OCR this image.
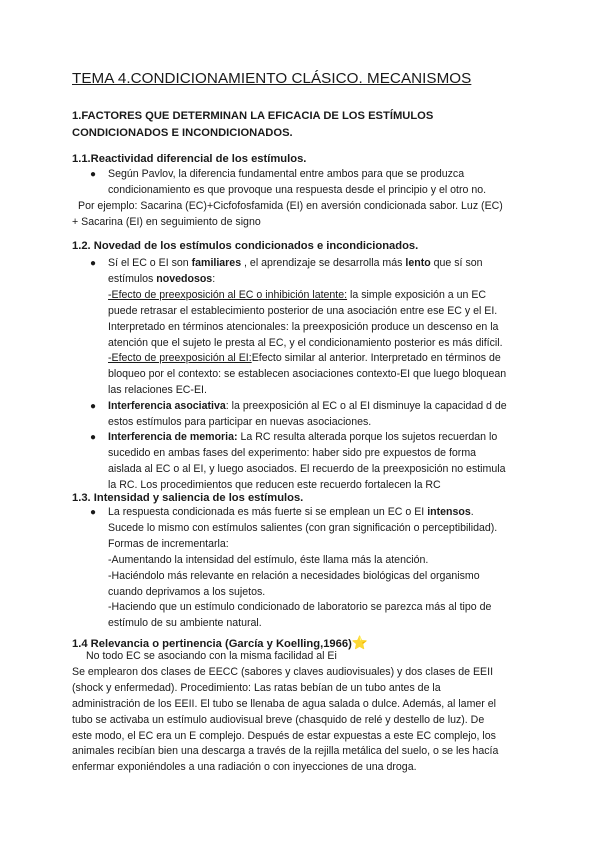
TEMA 4.CONDICIONAMIENTO CLÁSICO. MECANISMOS
1.FACTORES QUE DETERMINAN LA EFICACIA DE LOS ESTÍMULOS
CONDICIONADOS E INCONDICIONADOS.
1.1.Reactividad diferencial de los estímulos.
● Según Pavlov, la diferencia fundamental entre ambos para que se produzca
condicionamiento es que provoque una respuesta desde el principio y el otro no.
Por ejemplo: Sacarina (EC)+Cicfofosfamida (EI) en aversión condicionada sabor. Luz (EC)
+ Sacarina (EI) en seguimiento de signo
1.2. Novedad de los estímulos condicionados e incondicionados.
● Sí el EC o EI son familiares , el aprendizaje se desarrolla más lento que sí son
estímulos novedosos:
-Efecto de preexposición al EC o inhibición latente: la simple exposición a un EC
puede retrasar el establecimiento posterior de una asociación entre ese EC y el EI.
Interpretado en términos atencionales: la preexposición produce un descenso en la
atención que el sujeto le presta al EC, y el condicionamiento posterior es más difícil.
-Efecto de preexposición al EI:Efecto similar al anterior. Interpretado en términos de
bloqueo por el contexto: se establecen asociaciones contexto-EI que luego bloquean
las relaciones EC-EI.
● Interferencia asociativa: la preexposición al EC o al EI disminuye la capacidad d de
estos estímulos para participar en nuevas asociaciones.
● Interferencia de memoria: La RC resulta alterada porque los sujetos recuerdan lo
sucedido en ambas fases del experimento: haber sido pre expuestos de forma
aislada al EC o al EI, y luego asociados. El recuerdo de la preexposición no estimula
la RC. Los procedimientos que reducen este recuerdo fortalecen la RC
1.3. Intensidad y saliencia de los estímulos.
● La respuesta condicionada es más fuerte si se emplean un EC o EI intensos.
Sucede lo mismo con estímulos salientes (con gran significación o perceptibilidad).
Formas de incrementarla:
-Aumentando la intensidad del estímulo, éste llama más la atención.
-Haciéndolo más relevante en relación a necesidades biológicas del organismo
cuando deprivamos a los sujetos.
-Haciendo que un estímulo condicionado de laboratorio se parezca más al tipo de
estímulo de su ambiente natural.
1.4 Relevancia o pertinencia (García y Koelling,1966)⭐
No todo EC se asociando con la misma facilidad al Ei
Se emplearon dos clases de EECC (sabores y claves audiovisuales) y dos clases de EEII
(shock y enfermedad). Procedimiento: Las ratas bebían de un tubo antes de la
administración de los EEII. El tubo se llenaba de agua salada o dulce. Además, al lamer el
tubo se activaba un estímulo audiovisual breve (chasquido de relé y destello de luz). De
este modo, el EC era un E complejo. Después de estar expuestas a este EC complejo, los
animales recibían bien una descarga a través de la rejilla metálica del suelo, o se les hacía
enfermar exponiéndoles a una radiación o con inyecciones de una droga.
